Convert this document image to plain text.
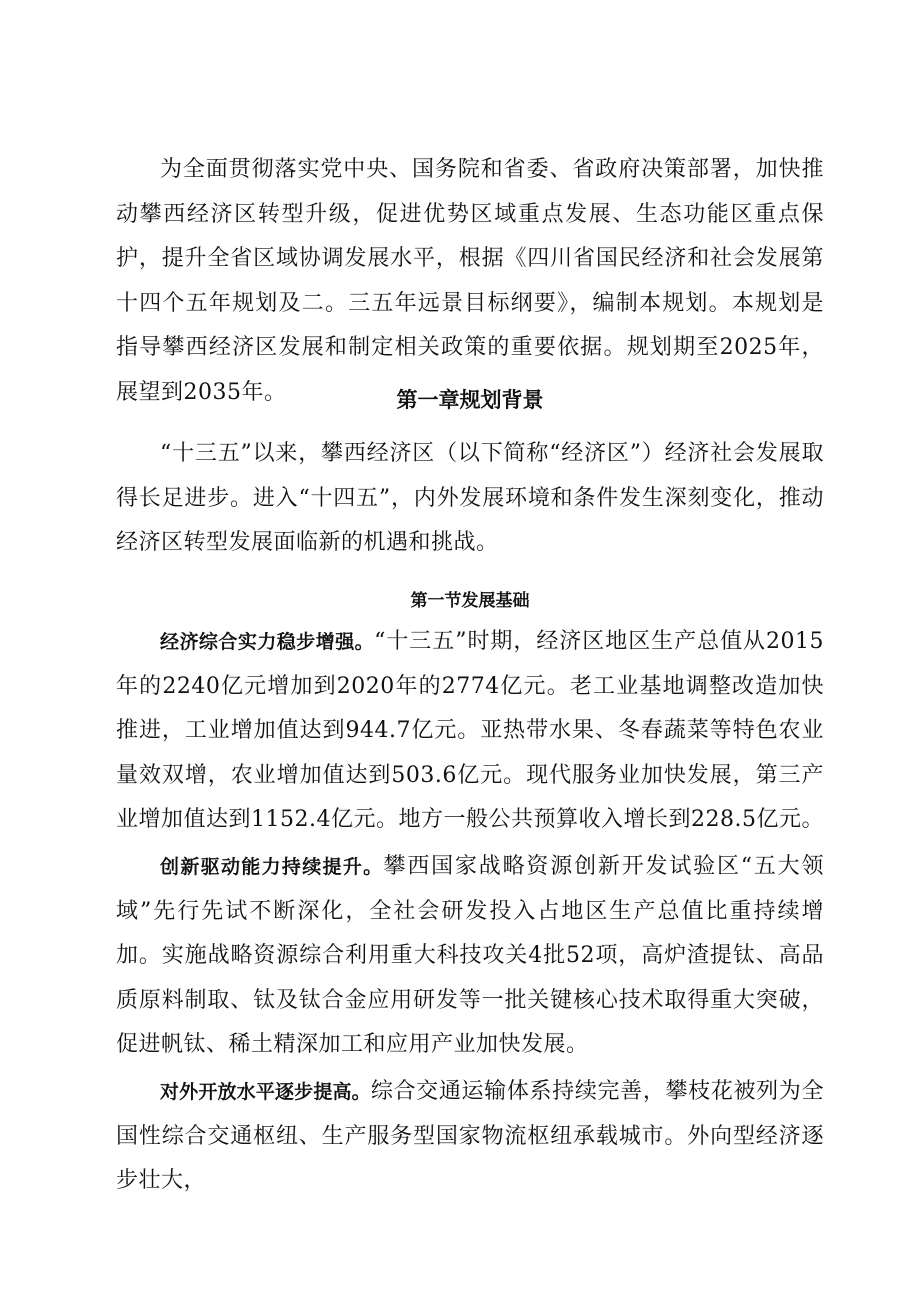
为全面贯彻落实党中央、国务院和省委、省政府决策部署，加快推动攀西经济区转型升级，促进优势区域重点发展、生态功能区重点保护，提升全省区域协调发展水平，根据《四川省国民经济和社会发展第十四个五年规划及二。三五年远景目标纲要》，编制本规划。本规划是指导攀西经济区发展和制定相关政策的重要依据。规划期至2025年，展望到2035年。	第一章规划背景

“十三五”以来，攀西经济区（以下简称“经济区”）经济社会发展取得长足进步。进入“十四五”，内外发展环境和条件发生深刻变化，推动经济区转型发展面临新的机遇和挑战。

第一节发展基础

经济综合实力稳步增强。“十三五”时期，经济区地区生产总值从2015年的2240亿元增加到2020年的2774亿元。老工业基地调整改造加快推进，工业增加值达到944.7亿元。亚热带水果、冬春蔬菜等特色农业量效双增，农业增加值达到503.6亿元。现代服务业加快发展，第三产业增加值达到1152.4亿元。地方一般公共预算收入增长到228.5亿元。

创新驱动能力持续提升。攀西国家战略资源创新开发试验区“五大领域”先行先试不断深化，全社会研发投入占地区生产总值比重持续增加。实施战略资源综合利用重大科技攻关4批52项，高炉渣提钛、高品质原料制取、钛及钛合金应用研发等一批关键核心技术取得重大突破，促进帆钛、稀土精深加工和应用产业加快发展。

对外开放水平逐步提高。综合交通运输体系持续完善，攀枝花被列为全国性综合交通枢纽、生产服务型国家物流枢纽承载城市。外向型经济逐步壮大，
